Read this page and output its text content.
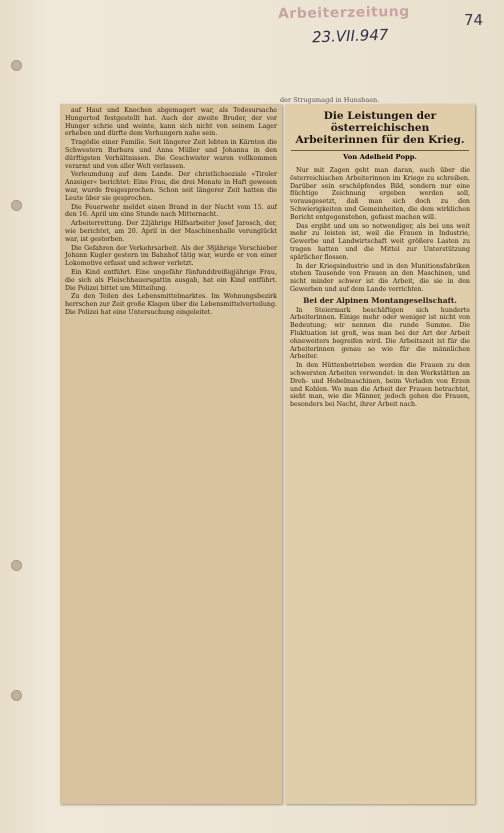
Arbeiterzeitung
23.VII.947
74
der Strugsmagd in Hunsbaen.

auf Haut und Knochen abgemagert war, als Todesursache Hungertod festgestellt hat. Auch der zweite Bruder, der vor Hunger schrie und weinte, kann sich nicht von seinem Lager erheben und dürfte dem Verhungern nahe sein.

Tragödie einer Familie. Seit längerer Zeit lebten in Kärnten die Schwestern Barbara und Anna Müller und Johanna in den dürftigsten Verhältnissen. Die Geschwister waren vollkommen verarmt und von aller Welt verlassen.

Verleumdung auf dem Lande. Der christlichsoziale »Tiroler Anzeiger« berichtet: Eine Frau, die drei Monate in Haft gewesen war, wurde freigesprochen. Schon seit längerer Zeit hatten die Leute über sie gesprochen.

Die Feuerwehr meldet einen Brand in der Nacht vom 15. auf den 16. April um eine Stunde nach Mitternacht.

Arbeiterrettung. Der 22jährige Hilfsarbeiter Josef Jarosch, der, wie berichtet, am 20. April in der Maschinenhalle verunglückt war, ist gestorben.

Die Gefahren der Verkehrsarbeit. Als der 38jährige Verschieber Johann Kugler gestern im Bahnhof tätig war, wurde er von einer Lokomotive erfasst und schwer verletzt.

Ein Kind entführt. Eine ungefähr fünfunddreißigjährige Frau, die sich als Fleischhauersgattin ausgab, hat ein Kind entführt. Die Polizei bittet um Mitteilung.

Zu den Teilen des Lebensmittelmarktes. Im Wohnungsbezirk herrschen zur Zeit große Klagen über die Lebensmittelverteilung. Die Polizei hat eine Untersuchung eingeleitet.

Die Leistungen der österreichischen Arbeiterinnen für den Krieg.
Von Adelheid Popp.

Nur mit Zagen geht man daran, auch über die österreichischen Arbeiterinnen im Kriege zu schreiben. Darüber sein erschöpfendes Bild, sondern nur eine flüchtige Zeichnung ergeben werden soll, vorausgesetzt, daß man sich doch zu den Schwierigkeiten und Gemeinheiten, die dem wirklichen Bericht entgegenstehen, gefasst machen will.

Das ergibt und um so notwendiger, als bei uns weit mehr zu leisten ist, weil die Frauen in Industrie, Gewerbe und Landwirtschaft weit größere Lasten zu tragen hatten und die Mittel zur Unterstützung spärlicher flossen.

In der Kriegsindustrie und in den Munitionsfabriken stehen Tausende von Frauen an den Maschinen, und nicht minder schwer ist die Arbeit, die sie in den Gewerben und auf dem Lande verrichten.

Bei der Alpinen Montangesellschaft.

In Steiermark beschäftigen sich hunderte Arbeiterinnen. Einige mehr oder weniger ist nicht von Bedeutung; wir nennen die runde Summe. Die Fluktuation ist groß, was man bei der Art der Arbeit ohneweiters begreifen wird. Die Arbeitszeit ist für die Arbeiterinnen genau so wie für die männlichen Arbeiter.

In den Hüttenbetrieben werden die Frauen zu den schwersten Arbeiten verwendet: in den Werkstätten an Dreh- und Hobelmaschinen, beim Verladen von Erzen und Kohlen. Wo man die Arbeit der Frauen betrachtet, sieht man, wie die Männer, jedoch gehen die Frauen, besonders bei Nacht, ihrer Arbeit nach.
